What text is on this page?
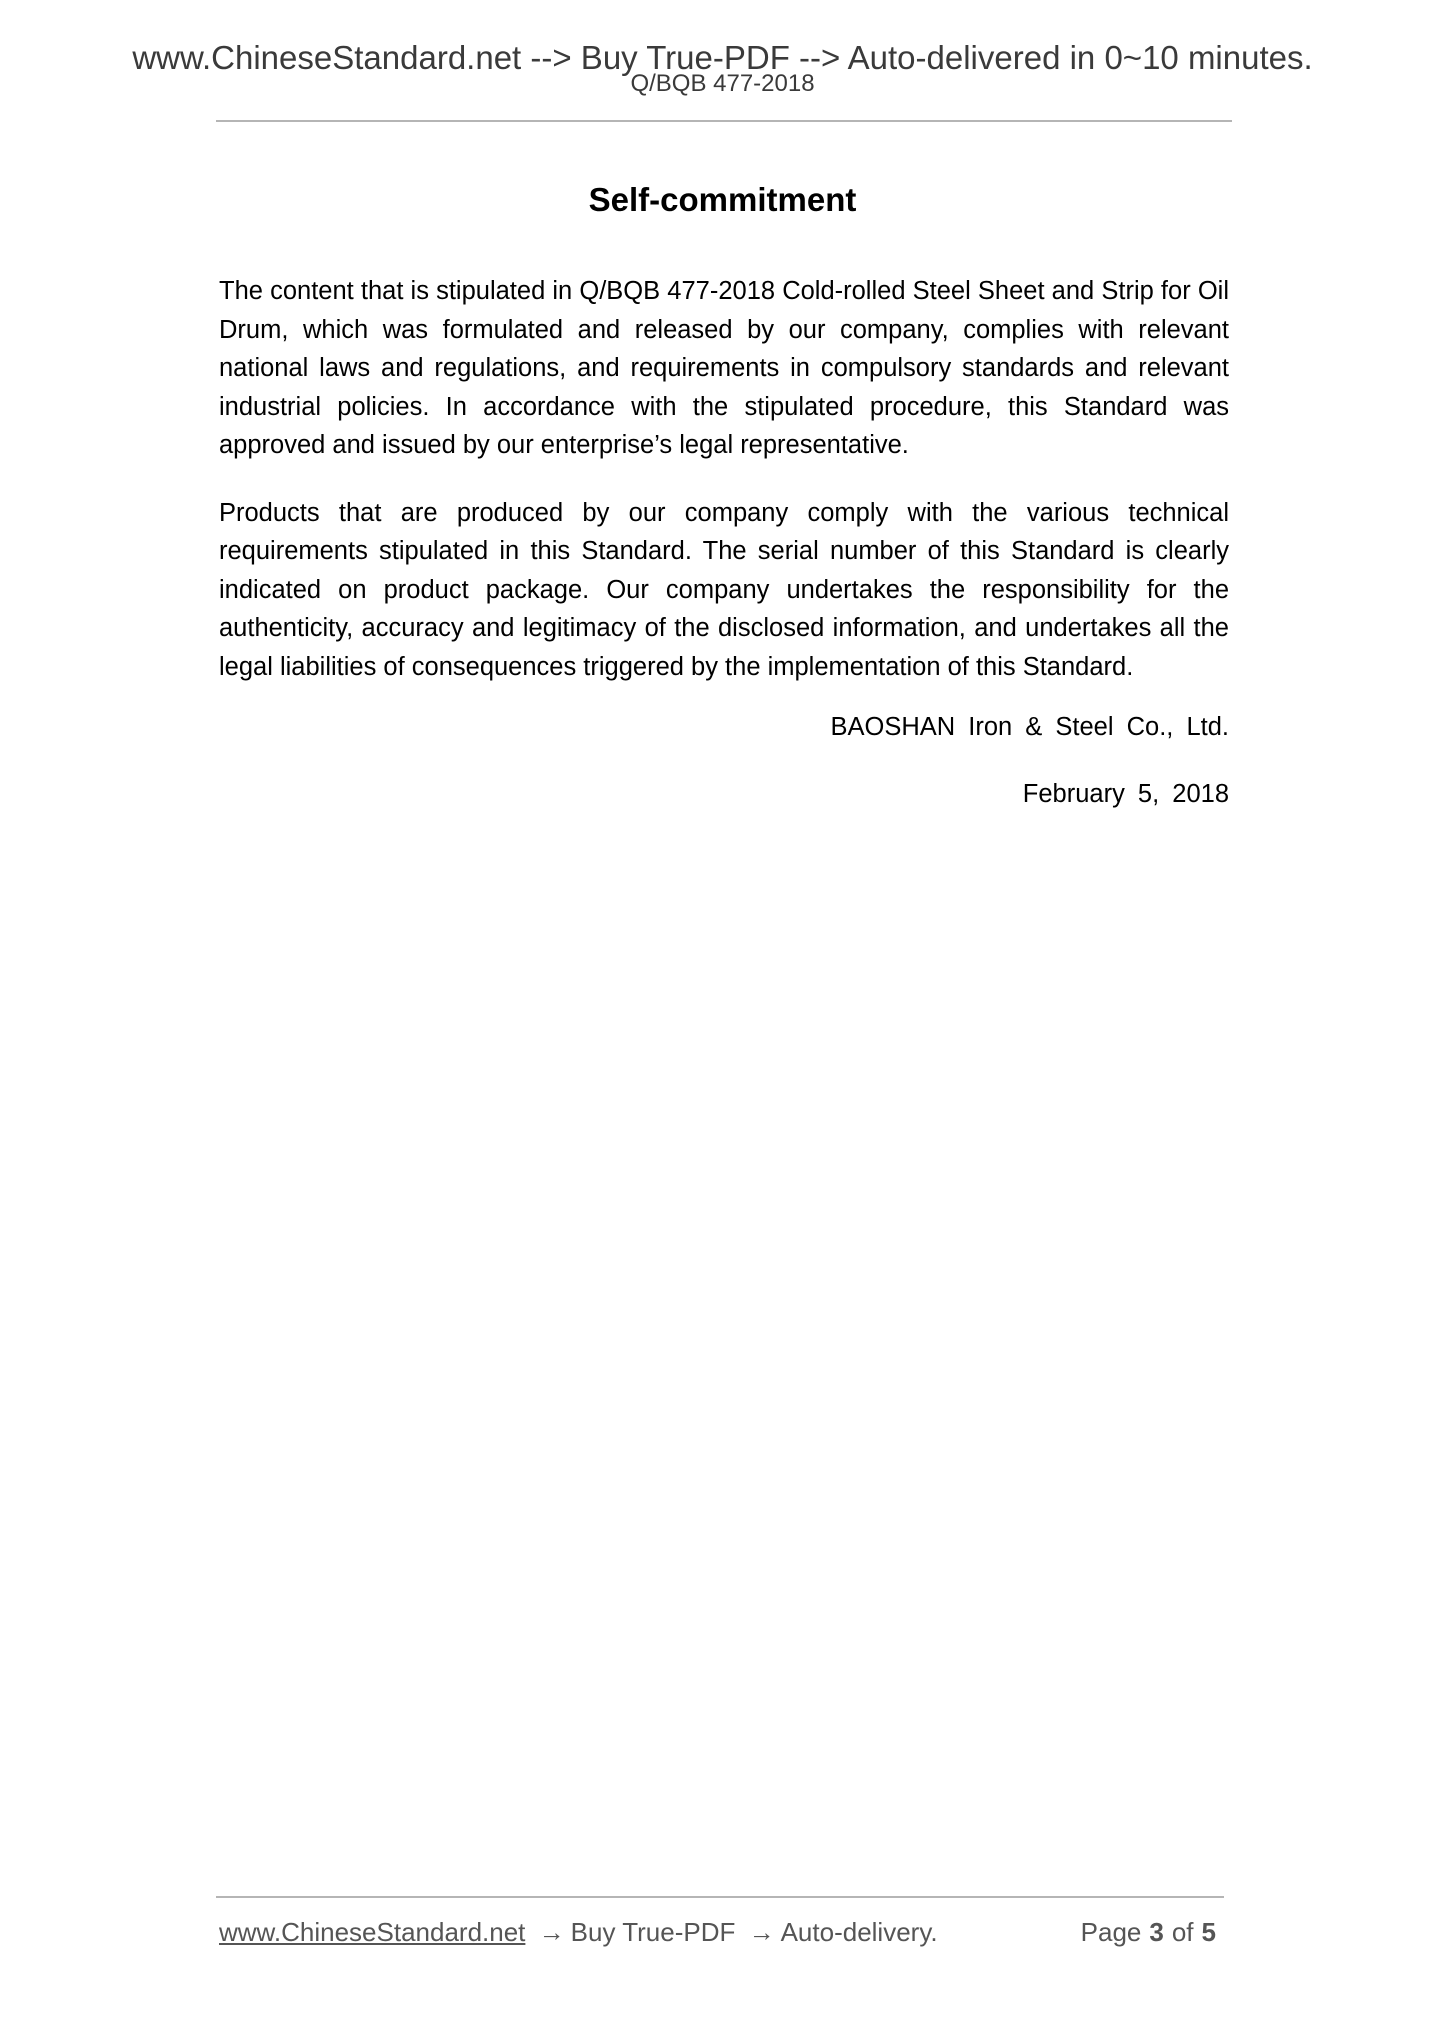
www.ChineseStandard.net --> Buy True-PDF --> Auto-delivered in 0~10 minutes.
Q/BQB 477-2018
Self-commitment

The content that is stipulated in Q/BQB 477-2018 Cold-rolled Steel Sheet and Strip for Oil Drum, which was formulated and released by our company, complies with relevant national laws and regulations, and requirements in compulsory standards and relevant industrial policies. In accordance with the stipulated procedure, this Standard was approved and issued by our enterprise’s legal representative.

Products that are produced by our company comply with the various technical requirements stipulated in this Standard. The serial number of this Standard is clearly indicated on product package. Our company undertakes the responsibility for the authenticity, accuracy and legitimacy of the disclosed information, and undertakes all the legal liabilities of consequences triggered by the implementation of this Standard.

BAOSHAN Iron & Steel Co., Ltd.
February 5, 2018
www.ChineseStandard.net → Buy True-PDF → Auto-delivery.	Page 3 of 5
